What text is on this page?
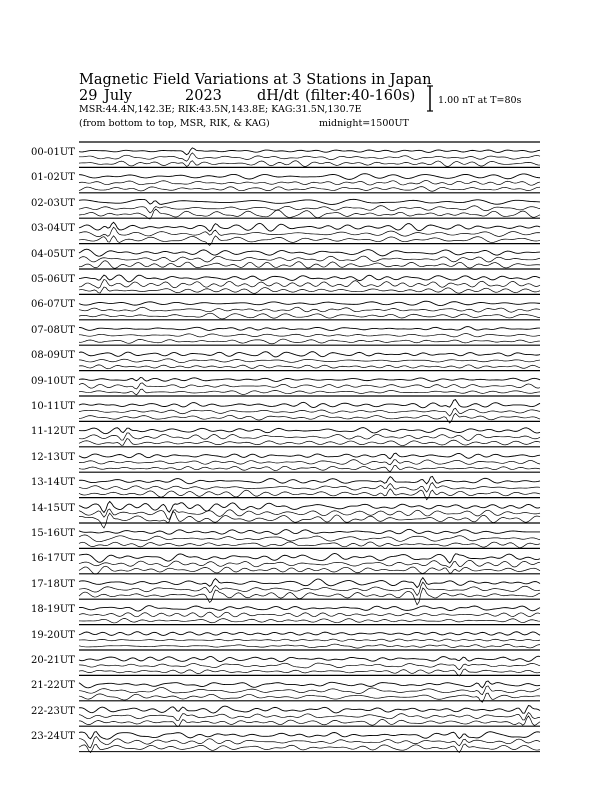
Magnetic Field Variations at 3 Stations in Japan
29 July	2023 dH/dt (filter:40-160s)
MSR:44.4N,142.3E; RIK:43.5N,143.8E; KAG:31.5N,130.7E
(from bottom to top, MSR, RIK, & KAG)	midnight=1500UT
1.00 nT at T=80s
00-01UT
01-02UT
02-03UT
03-04UT
04-05UT
05-06UT
06-07UT
07-08UT
08-09UT
09-10UT
10-11UT
11-12UT
12-13UT
13-14UT
14-15UT
15-16UT
16-17UT
17-18UT
18-19UT
19-20UT
20-21UT
21-22UT
22-23UT
23-24UT
